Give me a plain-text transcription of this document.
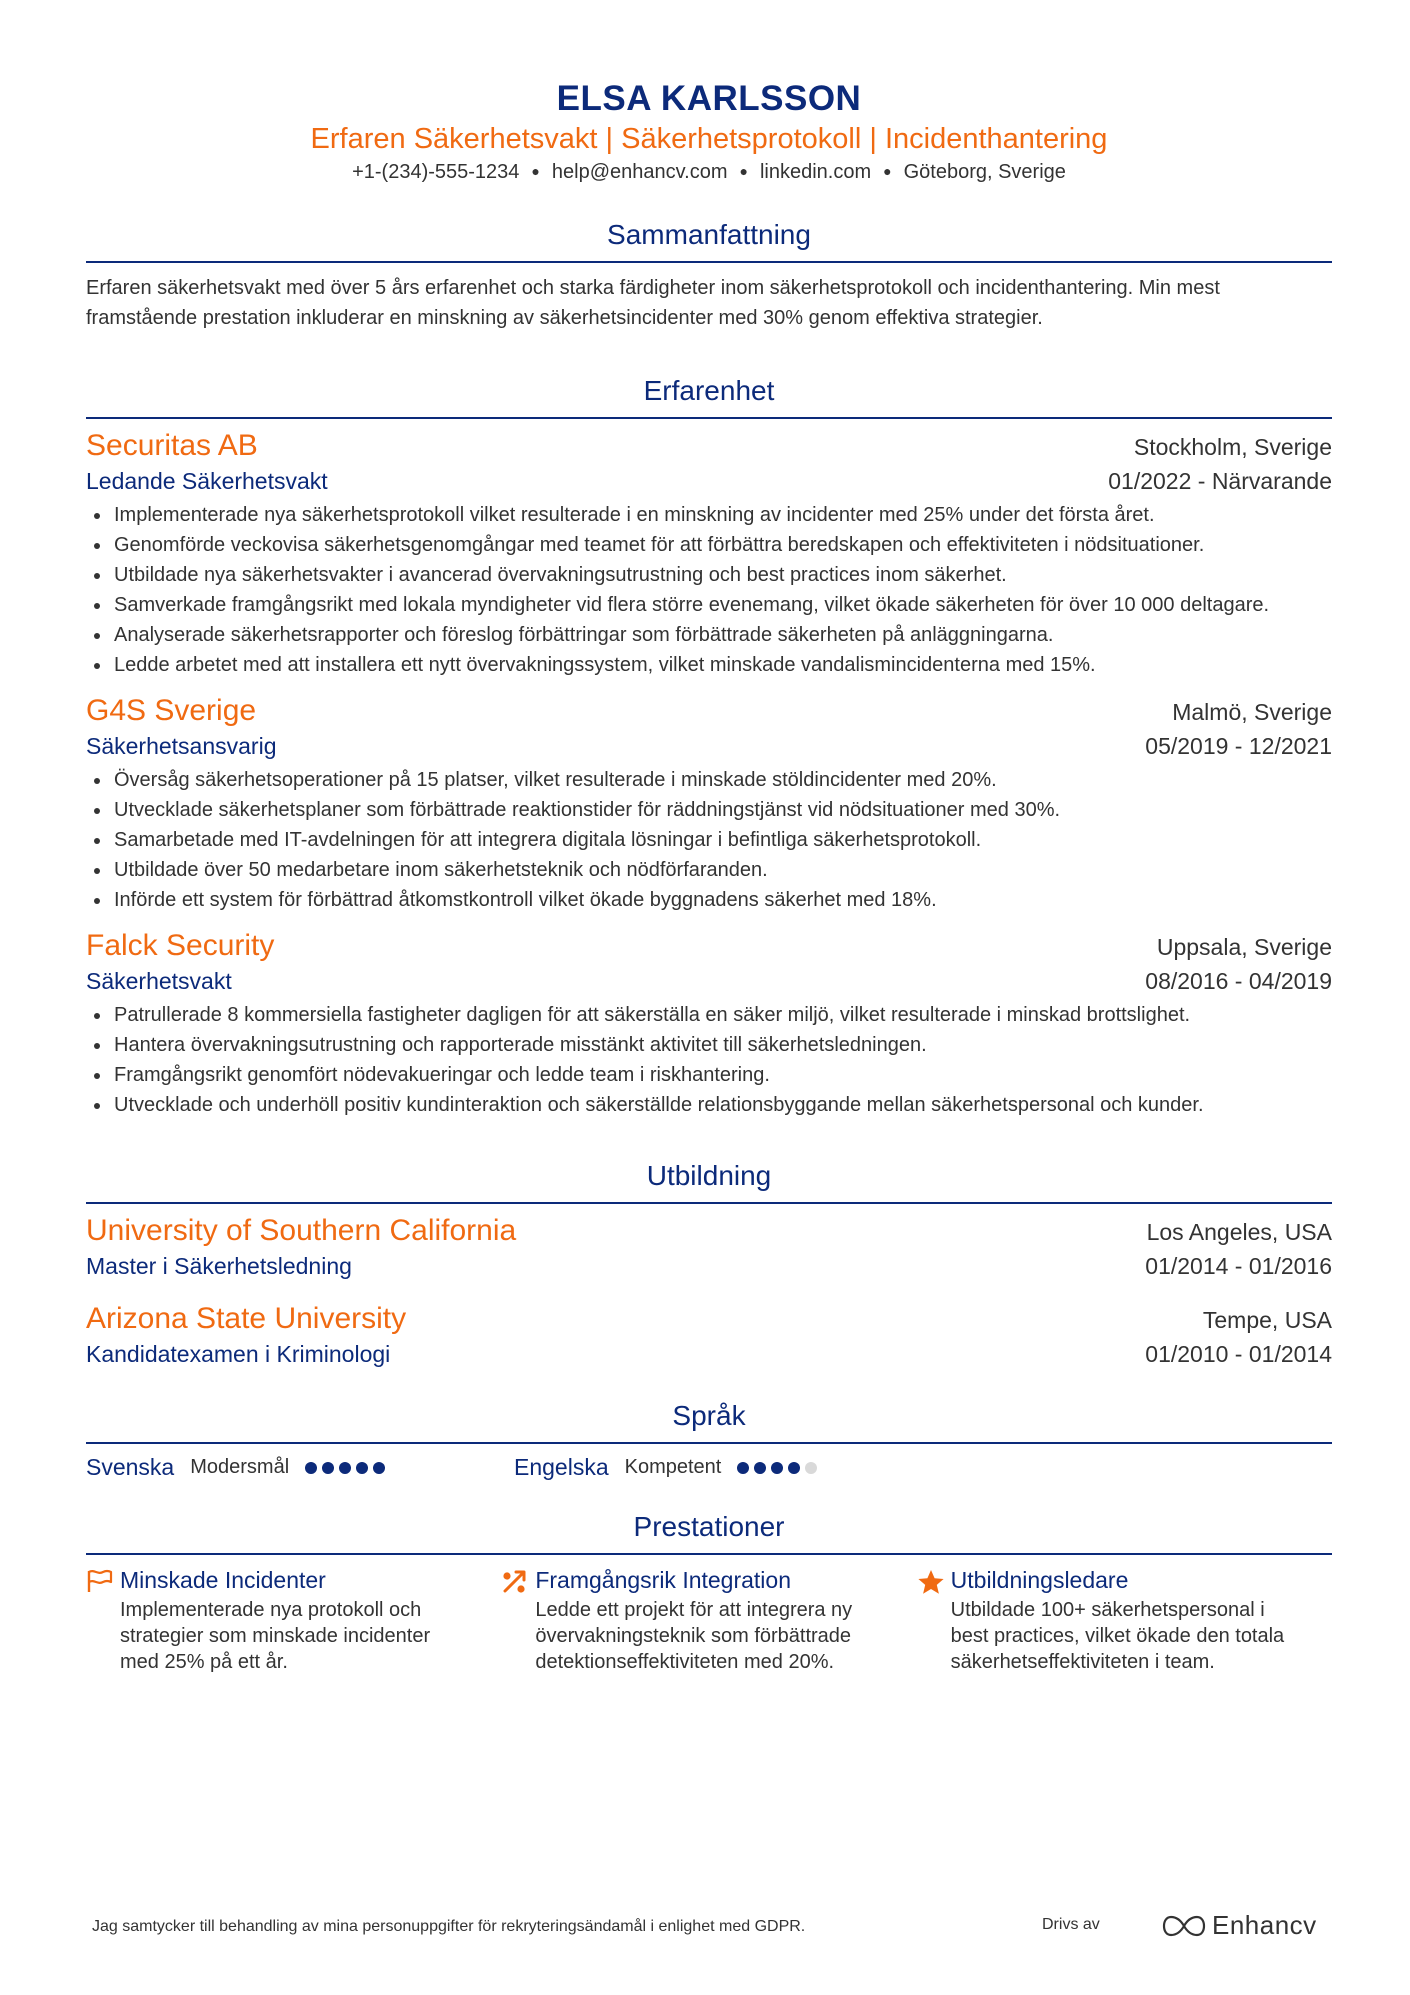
ELSA KARLSSON
Erfaren Säkerhetsvakt | Säkerhetsprotokoll | Incidenthantering
+1-(234)-555-1234 ● help@enhancv.com ● linkedin.com ● Göteborg, Sverige
Sammanfattning
Erfaren säkerhetsvakt med över 5 års erfarenhet och starka färdigheter inom säkerhetsprotokoll och incidenthantering. Min mest framstående prestation inkluderar en minskning av säkerhetsincidenter med 30% genom effektiva strategier.
Erfarenhet
Securitas AB	Stockholm, Sverige
Ledande Säkerhetsvakt	01/2022 - Närvarande
Implementerade nya säkerhetsprotokoll vilket resulterade i en minskning av incidenter med 25% under det första året.
Genomförde veckovisa säkerhetsgenomgångar med teamet för att förbättra beredskapen och effektiviteten i nödsituationer.
Utbildade nya säkerhetsvakter i avancerad övervakningsutrustning och best practices inom säkerhet.
Samverkade framgångsrikt med lokala myndigheter vid flera större evenemang, vilket ökade säkerheten för över 10 000 deltagare.
Analyserade säkerhetsrapporter och föreslog förbättringar som förbättrade säkerheten på anläggningarna.
Ledde arbetet med att installera ett nytt övervakningssystem, vilket minskade vandalismincidenterna med 15%.
G4S Sverige	Malmö, Sverige
Säkerhetsansvarig	05/2019 - 12/2021
Översåg säkerhetsoperationer på 15 platser, vilket resulterade i minskade stöldincidenter med 20%.
Utvecklade säkerhetsplaner som förbättrade reaktionstider för räddningstjänst vid nödsituationer med 30%.
Samarbetade med IT-avdelningen för att integrera digitala lösningar i befintliga säkerhetsprotokoll.
Utbildade över 50 medarbetare inom säkerhetsteknik och nödförfaranden.
Införde ett system för förbättrad åtkomstkontroll vilket ökade byggnadens säkerhet med 18%.
Falck Security	Uppsala, Sverige
Säkerhetsvakt	08/2016 - 04/2019
Patrullerade 8 kommersiella fastigheter dagligen för att säkerställa en säker miljö, vilket resulterade i minskad brottslighet.
Hantera övervakningsutrustning och rapporterade misstänkt aktivitet till säkerhetsledningen.
Framgångsrikt genomfört nödevakueringar och ledde team i riskhantering.
Utvecklade och underhöll positiv kundinteraktion och säkerställde relationsbyggande mellan säkerhetspersonal och kunder.
Utbildning
University of Southern California	Los Angeles, USA
Master i Säkerhetsledning	01/2014 - 01/2016
Arizona State University	Tempe, USA
Kandidatexamen i Kriminologi	01/2010 - 01/2014
Språk
Svenska Modersmål	Engelska Kompetent
Prestationer
Minskade Incidenter
Implementerade nya protokoll och strategier som minskade incidenter med 25% på ett år.
Framgångsrik Integration
Ledde ett projekt för att integrera ny övervakningsteknik som förbättrade detektionseffektiviteten med 20%.
Utbildningsledare
Utbildade 100+ säkerhetspersonal i best practices, vilket ökade den totala säkerhetseffektiviteten i team.
Jag samtycker till behandling av mina personuppgifter för rekryteringsändamål i enlighet med GDPR.	Drivs av	Enhancv
